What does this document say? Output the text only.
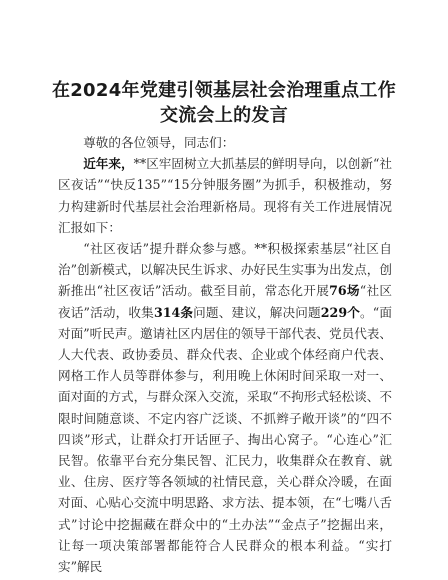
在2024年党建引领基层社会治理重点工作交流会上的发言

尊敬的各位领导，同志们：

近年来，**区牢固树立大抓基层的鲜明导向，以创新“社区夜话”“快反135”“15分钟服务圈”为抓手，积极推动，努力构建新时代基层社会治理新格局。现将有关工作进展情况汇报如下：

“社区夜话”提升群众参与感。**积极探索基层“社区自治”创新模式，以解决民生诉求、办好民生实事为出发点，创新推出“社区夜话”活动。截至目前，常态化开展76场“社区夜话”活动，收集314条问题、建议，解决问题229个。“面对面”听民声。邀请社区内居住的领导干部代表、党员代表、人大代表、政协委员、群众代表、企业或个体经商户代表、网格工作人员等群体参与，利用晚上休闲时间采取一对一、面对面的方式，与群众深入交流，采取“不拘形式轻松谈、不限时间随意谈、不定内容广泛谈、不抓辫子敞开谈”的“四不四谈”形式，让群众打开话匣子、掏出心窝子。“心连心”汇民智。依靠平台充分集民智、汇民力，收集群众在教育、就业、住房、医疗等各领域的社情民意，关心群众冷暖，在面对面、心贴心交流中明思路、求方法、提本领，在“七嘴八舌式”讨论中挖掘藏在群众中的“土办法”“金点子”挖掘出来，让每一项决策部署都能符合人民群众的根本利益。“实打实”解民
